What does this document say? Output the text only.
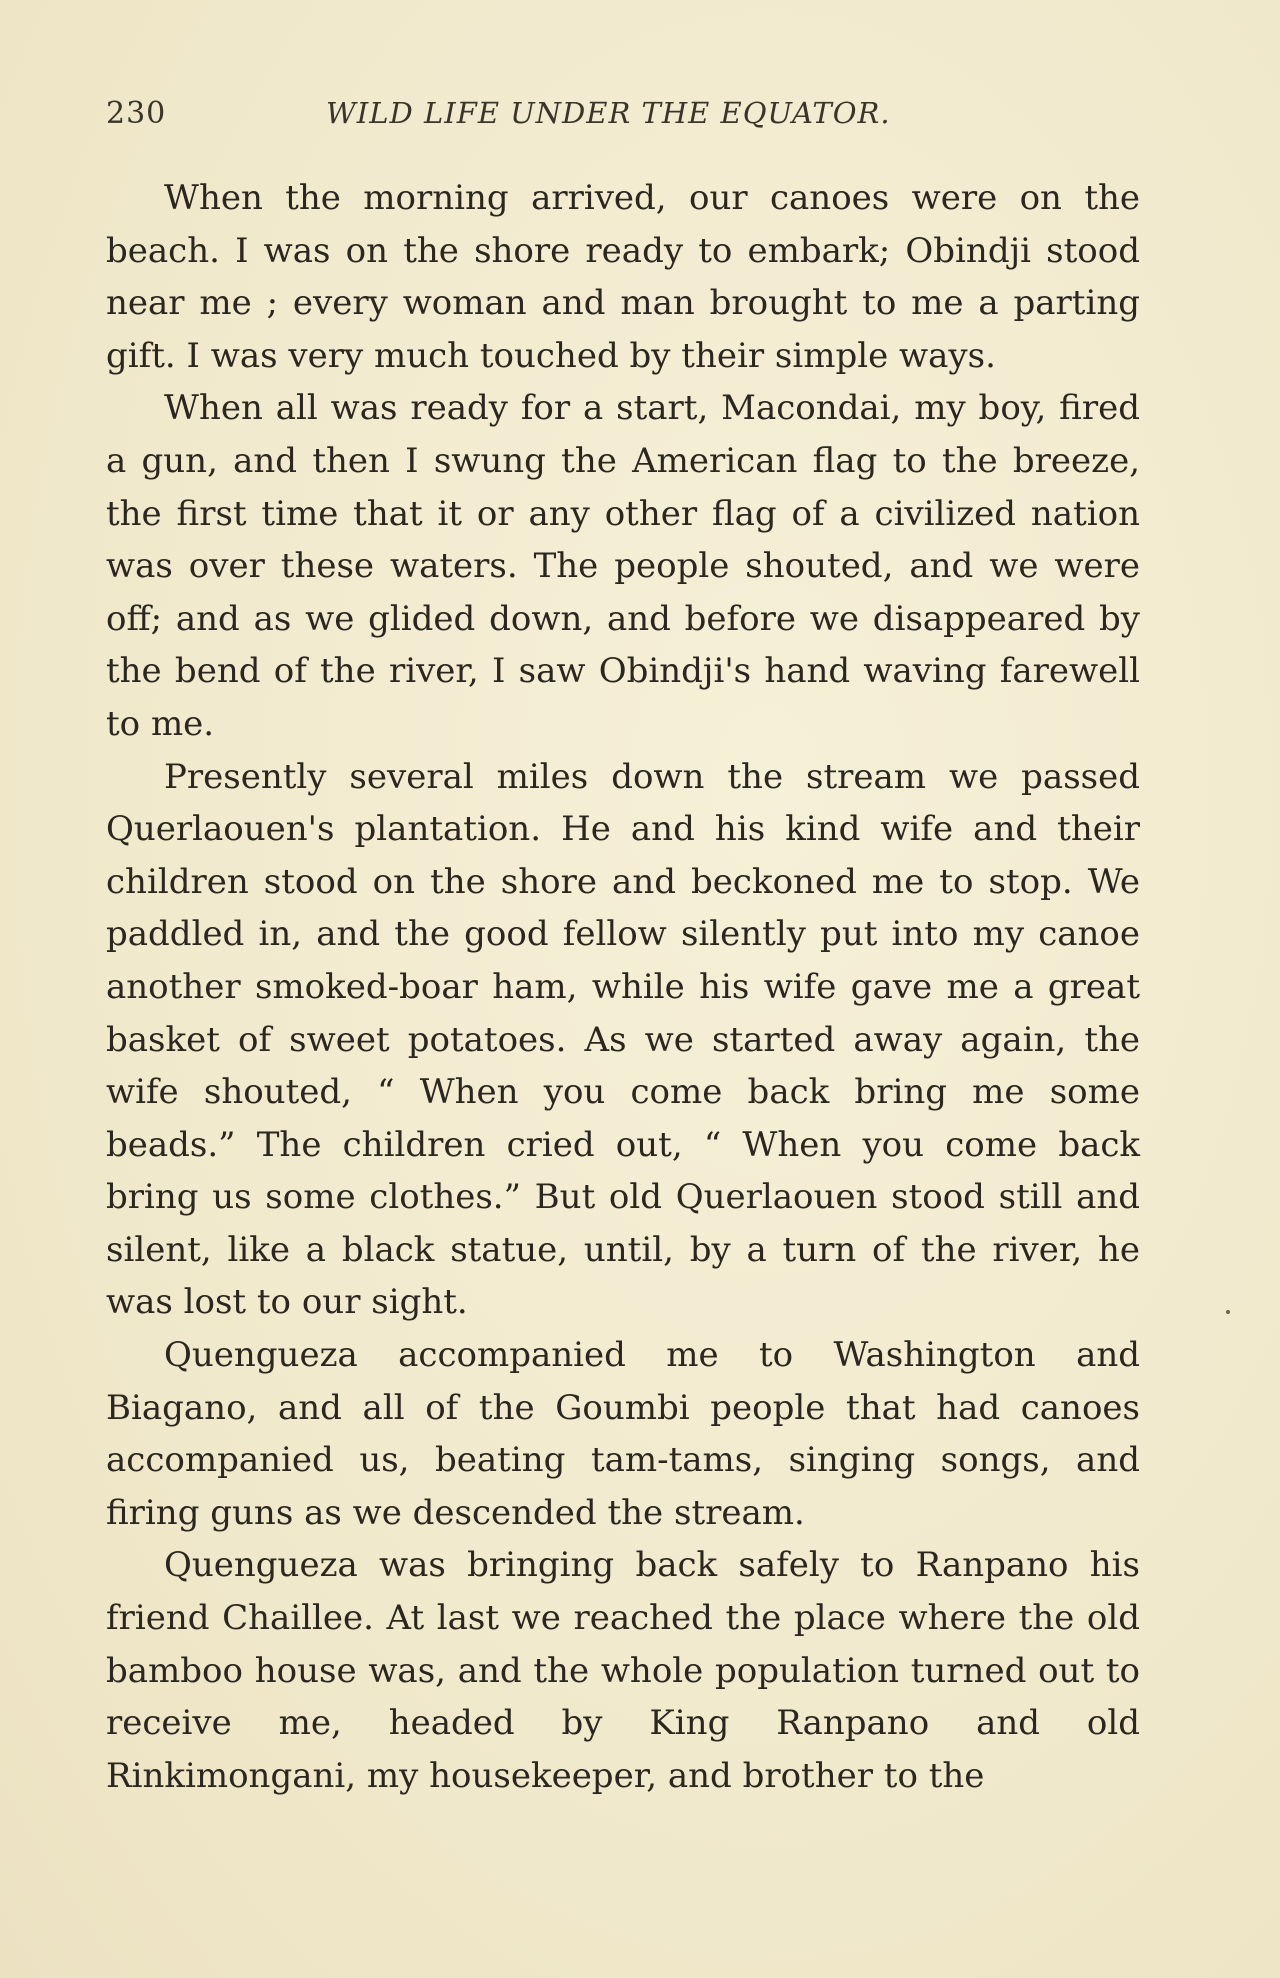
230	WILD LIFE UNDER THE EQUATOR.

When the morning arrived, our canoes were on the beach. I was on the shore ready to embark; Obindji stood near me ; every woman and man brought to me a parting gift. I was very much touched by their simple ways.

When all was ready for a start, Macondai, my boy, fired a gun, and then I swung the American flag to the breeze, the first time that it or any other flag of a civilized nation was over these waters. The people shouted, and we were off; and as we glided down, and before we disappeared by the bend of the river, I saw Obindji's hand waving farewell to me.

Presently several miles down the stream we passed Querlaouen's plantation. He and his kind wife and their children stood on the shore and beckoned me to stop. We paddled in, and the good fellow silently put into my canoe another smoked-boar ham, while his wife gave me a great basket of sweet potatoes. As we started away again, the wife shouted, “ When you come back bring me some beads.” The children cried out, “ When you come back bring us some clothes.” But old Querlaouen stood still and silent, like a black statue, until, by a turn of the river, he was lost to our sight.

Quengueza accompanied me to Washington and Biagano, and all of the Goumbi people that had canoes accompanied us, beating tam-tams, singing songs, and firing guns as we descended the stream.

Quengueza was bringing back safely to Ranpano his friend Chaillee. At last we reached the place where the old bamboo house was, and the whole population turned out to receive me, headed by King Ranpano and old Rinkimongani, my housekeeper, and brother to the
